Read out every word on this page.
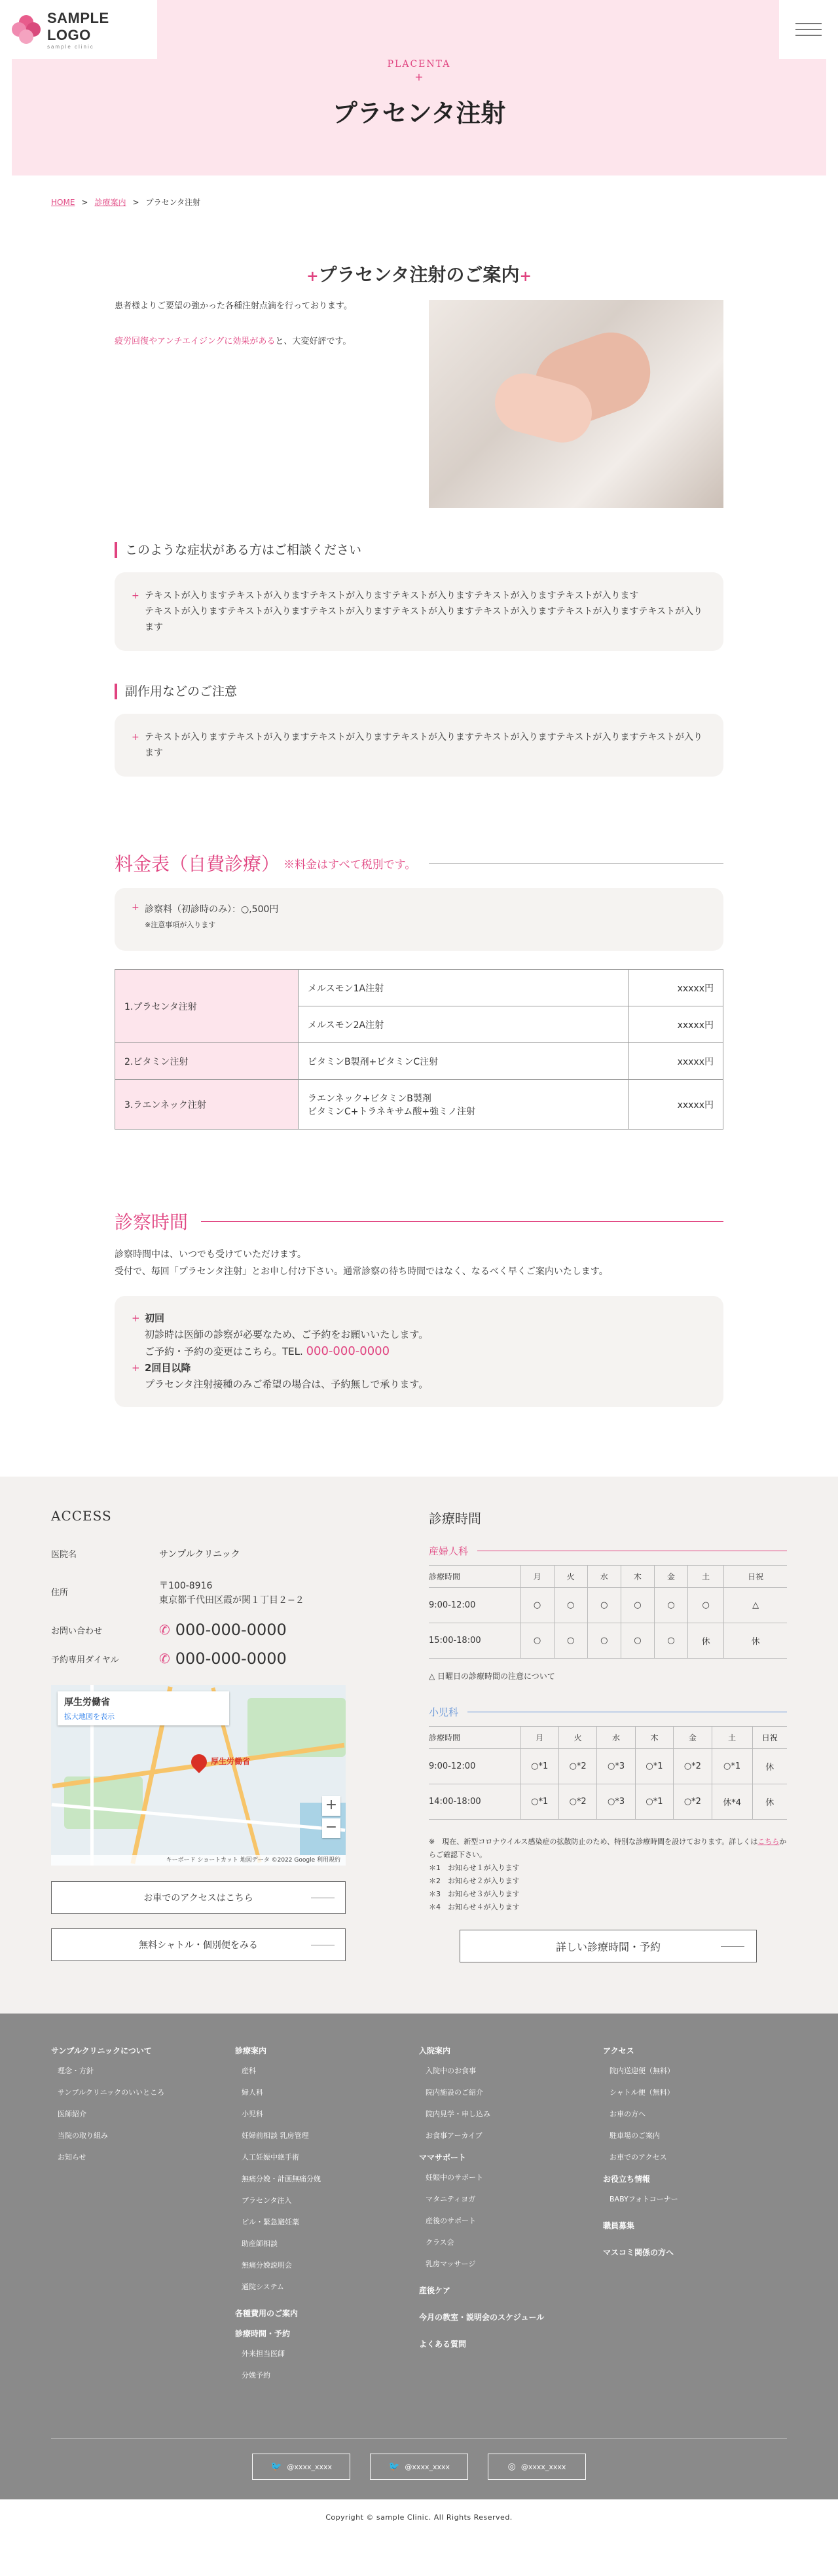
SAMPLE LOGO
sample clinic
PLACENTA
+
プラセンタ注射
HOME > 診療案内 > プラセンタ注射
+プラセンタ注射のご案内+

患者様よりご要望の強かった各種注射点滴を行っております。

疲労回復やアンチエイジングに効果があると、大変好評です。

このような症状がある方はご相談ください
+ テキストが入りますテキストが入りますテキストが入りますテキストが入りますテキストが入りますテキストが入ります
テキストが入りますテキストが入りますテキストが入りますテキストが入りますテキストが入りますテキストが入りますテキストが入ります
副作用などのご注意
+ テキストが入りますテキストが入りますテキストが入りますテキストが入りますテキストが入りますテキストが入りますテキストが入ります
料金表（自費診療） ※料金はすべて税別です。
+ 診察料（初診時のみ）：○,500円
※注意事項が入ります
1.プラセンタ注射	メルスモン1A注射	xxxxx円
	メルスモン2A注射	xxxxx円
2.ビタミン注射	ビタミンB製剤+ビタミンC注射	xxxxx円
3.ラエンネック注射	ラエンネック+ビタミンB製剤
ビタミンC+トラネキサム酸+強ミノ注射	xxxxx円
診察時間
診察時間中は、いつでも受けていただけます。
受付で、毎回「プラセンタ注射」とお申し付け下さい。通常診察の待ち時間ではなく、なるべく早くご案内いたします。
+ 初回
初診時は医師の診察が必要なため、ご予約をお願いいたします。
ご予約・予約の変更はこちら。TEL. 000-000-0000
+ 2回目以降
プラセンタ注射接種のみご希望の場合は、予約無しで承ります。
ACCESS
医院名	サンプルクリニック
住所
〒100-8916
東京都千代田区霞が関１丁目２−２
お問い合わせ	✆ 000-000-0000
予約専用ダイヤル	✆ 000-000-0000
厚生労働省
拡大地図を表示
厚生労働省
+
−
キーボード ショートカット 地図データ ©2022 Google 利用規約
お車でのアクセスはこちら
無料シャトル・個別便をみる
診療時間
産婦人科
診療時間	月	火	水	木	金	土	日祝
9:00-12:00	○	○	○	○	○	○	△
15:00-18:00	○	○	○	○	○	休	休
△ 日曜日の診療時間の注意について
小児科
診療時間	月	火	水	木	金	土	日祝
9:00-12:00	○*1	○*2	○*3	○*1	○*2	○*1	休
14:00-18:00	○*1	○*2	○*3	○*1	○*2	休*4	休
※　現在、新型コロナウイルス感染症の拡散防止のため、特別な診療時間を設けております。詳しくはこちらからご確認下さい。
＊1　お知らせ１が入ります
＊2　お知らせ２が入ります
＊3　お知らせ３が入ります
＊4　お知らせ４が入ります
詳しい診療時間・予約
サンプルクリニックについて
理念・方針
サンプルクリニックのいいところ
医師紹介
当院の取り組み
お知らせ
診療案内
産科
婦人科
小児科
妊婦前相談 乳房管理
人工妊娠中絶手術
無痛分娩・計画無痛分娩
プラセンタ注入
ピル・緊急避妊薬
助産師相談
無痛分娩説明会
通院システム
各種費用のご案内
診療時間・予約
外来担当医師
分娩予約
入院案内
入院中のお食事
院内施設のご紹介
院内見学・申し込み
お食事アーカイブ
ママサポート
妊娠中のサポート
マタニティヨガ
産後のサポート
クラス会
乳房マッサージ
産後ケア
今月の教室・説明会のスケジュール
よくある質問
アクセス
院内送迎便（無料）
シャトル便（無料）
お車の方へ
駐車場のご案内
お車でのアクセス
お役立ち情報
BABYフォトコーナー
職員募集
マスコミ関係の方へ
🐦 @xxxx_xxxx	🐦 @xxxx_xxxx	◎ @xxxx_xxxx
Copyright © sample Clinic. All Rights Reserved.
